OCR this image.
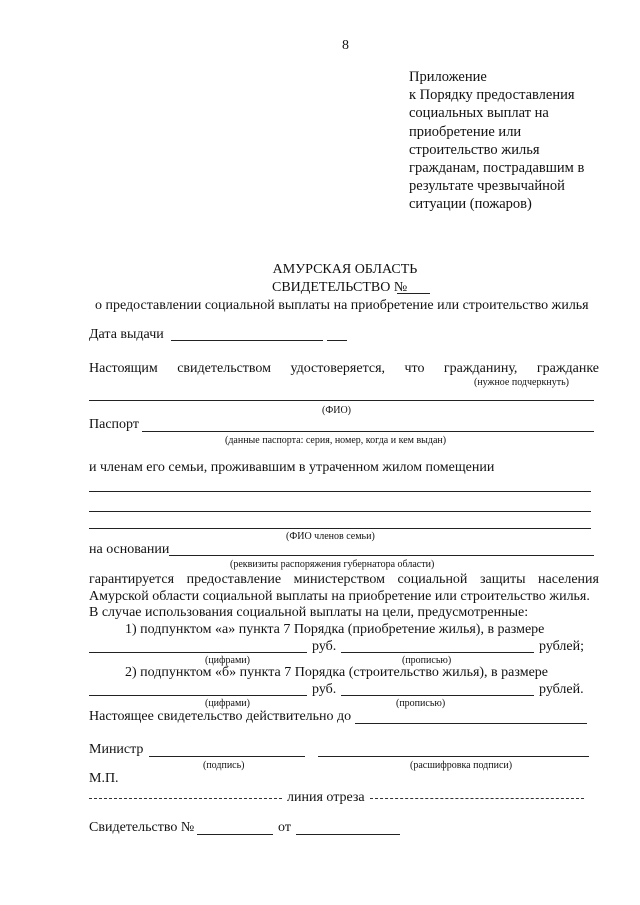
8
Приложение
к Порядку предоставления
социальных выплат на
приобретение или
строительство жилья
гражданам, пострадавшим в
результате чрезвычайной
ситуации (пожаров)
АМУРСКАЯ ОБЛАСТЬ
СВИДЕТЕЛЬСТВО №
о предоставлении социальной выплаты на приобретение или строительство жилья
Дата выдачи
Настоящим свидетельством удостоверяется, что гражданину, гражданке
(нужное подчеркнуть)
(ФИО)
Паспорт
(данные паспорта: серия, номер, когда и кем выдан)
и членам его семьи, проживавшим в утраченном жилом помещении
(ФИО членов семьи)
на основании
(реквизиты распоряжения губернатора области)
гарантируется предоставление министерством социальной защиты населения
Амурской области социальной выплаты на приобретение или строительство жилья.
В случае использования социальной выплаты на цели, предусмотренные:
1) подпунктом «а» пункта 7 Порядка (приобретение жилья), в размере
руб.	рублей;
(цифрами)	(прописью)
2) подпунктом «б» пункта 7 Порядка (строительство жилья), в размере
руб.	рублей.
(цифрами)	(прописью)
Настоящее свидетельство действительно до
Министр
(подпись)	(расшифровка подписи)
М.П.
линия отреза
Свидетельство №	от
